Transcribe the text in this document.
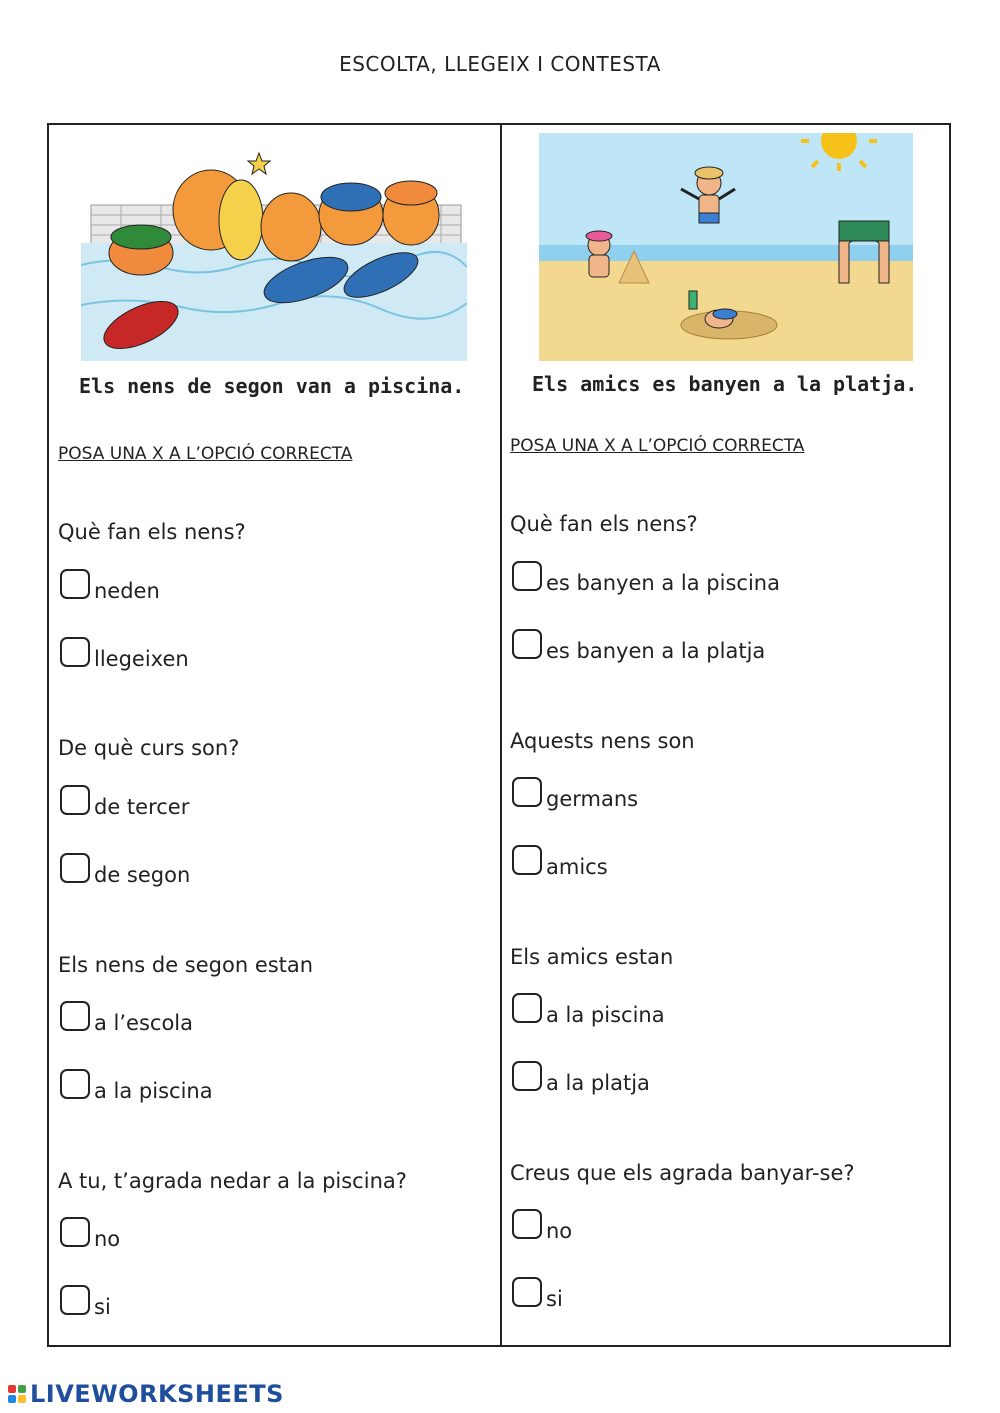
ESCOLTA, LLEGEIX I CONTESTA
Els nens de segon van a piscina.
POSA UNA X A L’OPCIÓ CORRECTA
Què fan els nens?
neden
llegeixen
De què curs son?
de tercer
de segon
Els nens de segon estan
a l’escola
a la piscina
A tu, t’agrada nedar a la piscina?
no
si
Els amics es banyen a la platja.
POSA UNA X A L’OPCIÓ CORRECTA
Què fan els nens?
es banyen a la piscina
es banyen a la platja
Aquests nens son
germans
amics
Els amics estan
a la piscina
a la platja
Creus que els agrada banyar-se?
no
si
LIVEWORKSHEETS
